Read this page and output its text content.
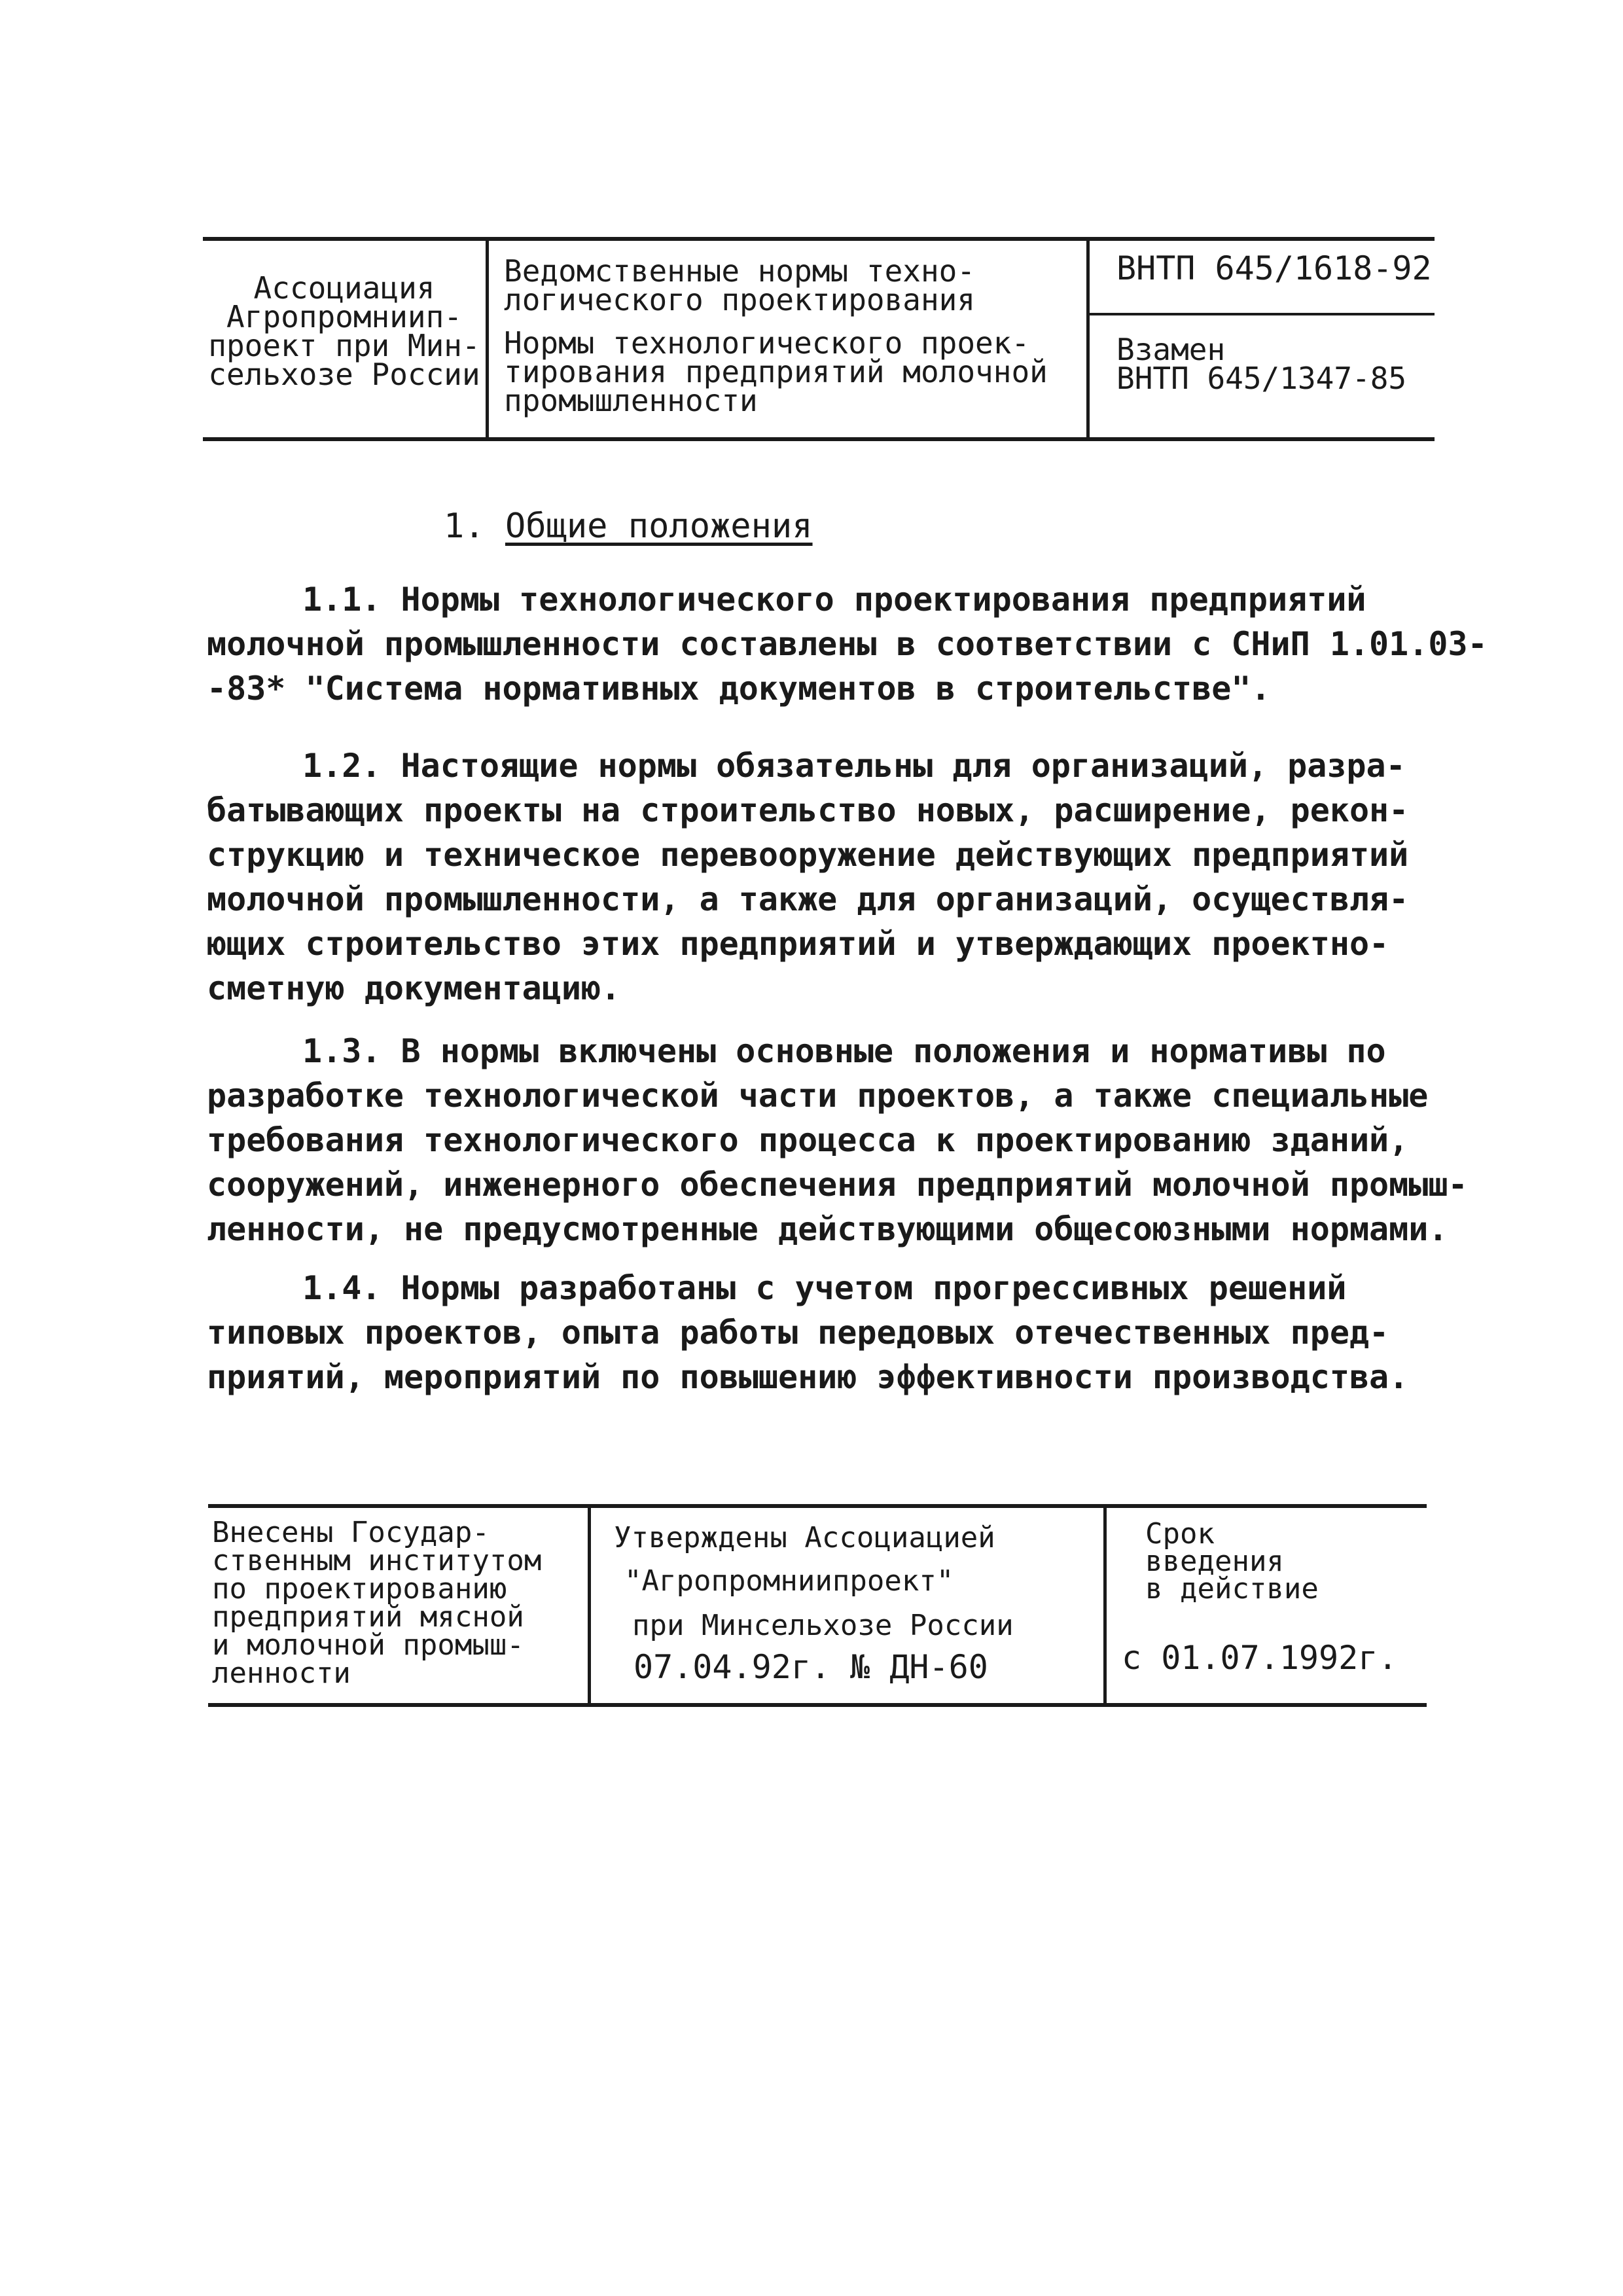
Ассоциация
Агропромниип-
проект при Мин-
сельхозе России
Ведомственные нормы техно-
логического проектирования
Нормы технологического проек-
тирования предприятий молочной
промышленности
ВНТП 645/1618-92
Взамен
ВНТП 645/1347-85
1. Общие положения
1.1. Нормы технологического проектирования предприятий
молочной промышленности составлены в соответствии с СНиП 1.01.03-
-83* "Система нормативных документов в строительстве".
1.2. Настоящие нормы обязательны для организаций, разра-
батывающих проекты на строительство новых, расширение, рекон-
струкцию и техническое перевооружение действующих предприятий
молочной промышленности, а также для организаций, осуществля-
ющих строительство этих предприятий и утверждающих проектно-
сметную документацию.
1.3. В нормы включены основные положения и нормативы по
разработке технологической части проектов, а также специальные
требования технологического процесса к проектированию зданий,
сооружений, инженерного обеспечения предприятий молочной промыш-
ленности, не предусмотренные действующими общесоюзными нормами.
1.4. Нормы разработаны с учетом прогрессивных решений
типовых проектов, опыта работы передовых отечественных пред-
приятий, мероприятий по повышению эффективности производства.
Внесены Государ-
ственным институтом
по проектированию
предприятий мясной
и молочной промыш-
ленности
Утверждены Ассоциацией
"Агропромниипроект"
при Минсельхозе России
07.04.92г. № ДН-60
Срок
введения
в действие
с 01.07.1992г.
